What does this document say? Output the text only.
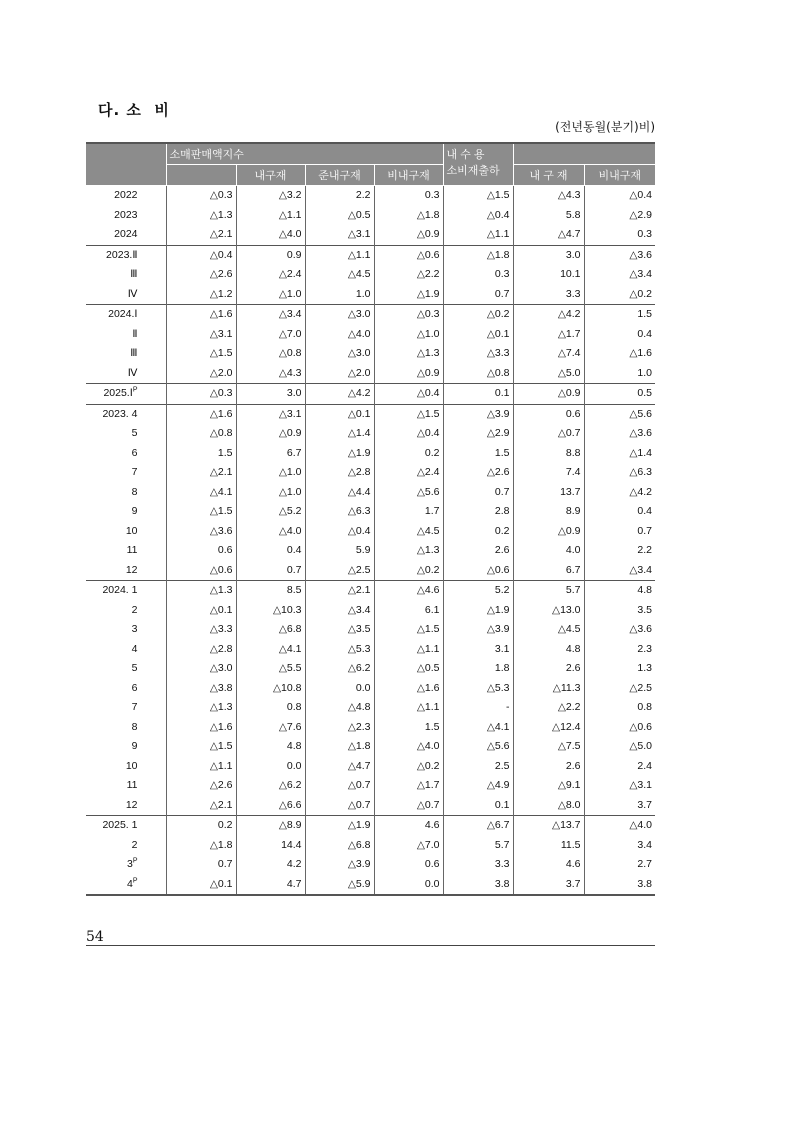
다. 소  비
(전년동월(분기)비)
	소매판매액지수				내 수 용
소비재출하		

		내구재	준내구재	비내구재		내 구 재	비내구재
2022	△0.3	△3.2	2.2	0.3	△1.5	△4.3	△0.4
2023	△1.3	△1.1	△0.5	△1.8	△0.4	5.8	△2.9
2024	△2.1	△4.0	△3.1	△0.9	△1.1	△4.7	0.3
2023.Ⅱ	△0.4	0.9	△1.1	△0.6	△1.8	3.0	△3.6
Ⅲ	△2.6	△2.4	△4.5	△2.2	0.3	10.1	△3.4
Ⅳ	△1.2	△1.0	1.0	△1.9	0.7	3.3	△0.2
2024.Ⅰ	△1.6	△3.4	△3.0	△0.3	△0.2	△4.2	1.5
Ⅱ	△3.1	△7.0	△4.0	△1.0	△0.1	△1.7	0.4
Ⅲ	△1.5	△0.8	△3.0	△1.3	△3.3	△7.4	△1.6
Ⅳ	△2.0	△4.3	△2.0	△0.9	△0.8	△5.0	1.0
2025.Ⅰ$^P$	△0.3	3.0	△4.2	△0.4	0.1	△0.9	0.5
2023. 4	△1.6	△3.1	△0.1	△1.5	△3.9	0.6	△5.6
5	△0.8	△0.9	△1.4	△0.4	△2.9	△0.7	△3.6
6	1.5	6.7	△1.9	0.2	1.5	8.8	△1.4
7	△2.1	△1.0	△2.8	△2.4	△2.6	7.4	△6.3
8	△4.1	△1.0	△4.4	△5.6	0.7	13.7	△4.2
9	△1.5	△5.2	△6.3	1.7	2.8	8.9	0.4
10	△3.6	△4.0	△0.4	△4.5	0.2	△0.9	0.7
11	0.6	0.4	5.9	△1.3	2.6	4.0	2.2
12	△0.6	0.7	△2.5	△0.2	△0.6	6.7	△3.4
2024. 1	△1.3	8.5	△2.1	△4.6	5.2	5.7	4.8
2	△0.1	△10.3	△3.4	6.1	△1.9	△13.0	3.5
3	△3.3	△6.8	△3.5	△1.5	△3.9	△4.5	△3.6
4	△2.8	△4.1	△5.3	△1.1	3.1	4.8	2.3
5	△3.0	△5.5	△6.2	△0.5	1.8	2.6	1.3
6	△3.8	△10.8	0.0	△1.6	△5.3	△11.3	△2.5
7	△1.3	0.8	△4.8	△1.1	-	△2.2	0.8
8	△1.6	△7.6	△2.3	1.5	△4.1	△12.4	△0.6
9	△1.5	4.8	△1.8	△4.0	△5.6	△7.5	△5.0
10	△1.1	0.0	△4.7	△0.2	2.5	2.6	2.4
11	△2.6	△6.2	△0.7	△1.7	△4.9	△9.1	△3.1
12	△2.1	△6.6	△0.7	△0.7	0.1	△8.0	3.7
2025. 1	0.2	△8.9	△1.9	4.6	△6.7	△13.7	△4.0
2	△1.8	14.4	△6.8	△7.0	5.7	11.5	3.4
$3^P$	0.7	4.2	△3.9	0.6	3.3	4.6	2.7
$4^P$	△0.1	4.7	△5.9	0.0	3.8	3.7	3.8
54
